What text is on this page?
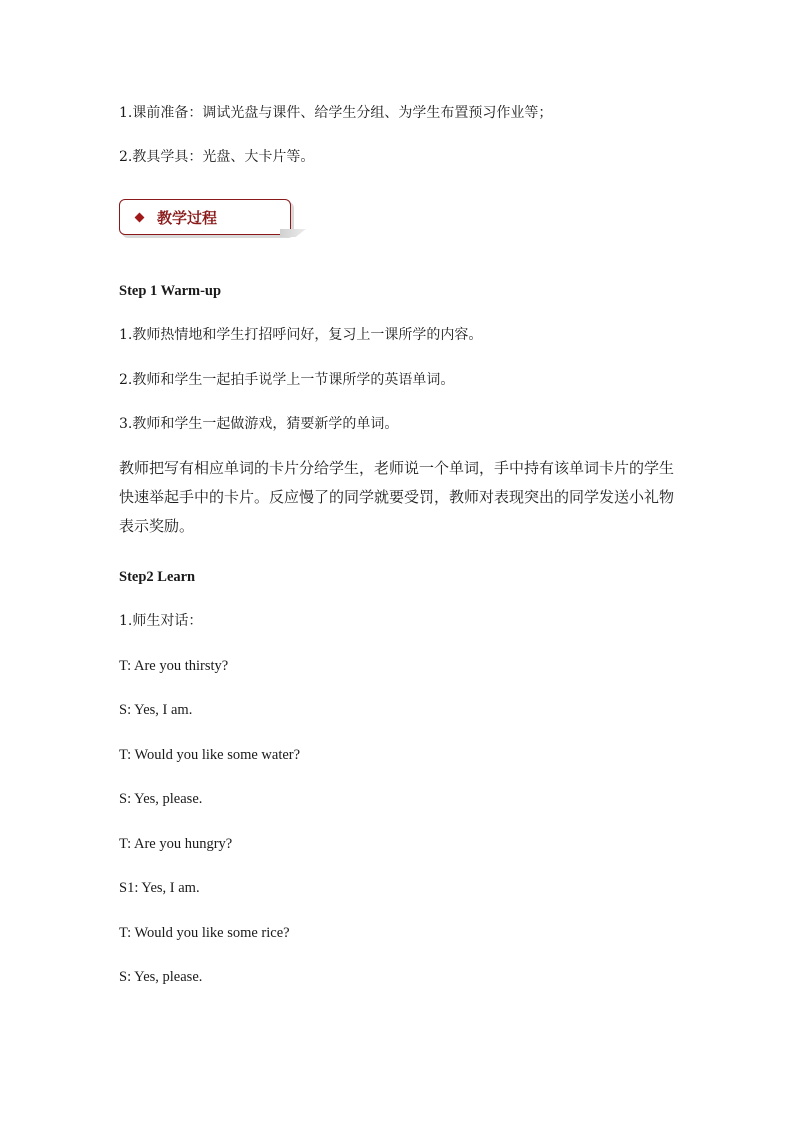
1.课前准备：调试光盘与课件、给学生分组、为学生布置预习作业等；
2.教具学具：光盘、大卡片等。
教学过程
Step 1 Warm-up
1.教师热情地和学生打招呼问好，复习上一课所学的内容。
2.教师和学生一起拍手说学上一节课所学的英语单词。
3.教师和学生一起做游戏，猜要新学的单词。
教师把写有相应单词的卡片分给学生，老师说一个单词，手中持有该单词卡片的学生快速举起手中的卡片。反应慢了的同学就要受罚，教师对表现突出的同学发送小礼物表示奖励。
Step2 Learn
1.师生对话：
T: Are you thirsty?
S: Yes, I am.
T: Would you like some water?
S: Yes, please.
T: Are you hungry?
S1: Yes, I am.
T: Would you like some rice?
S: Yes, please.
